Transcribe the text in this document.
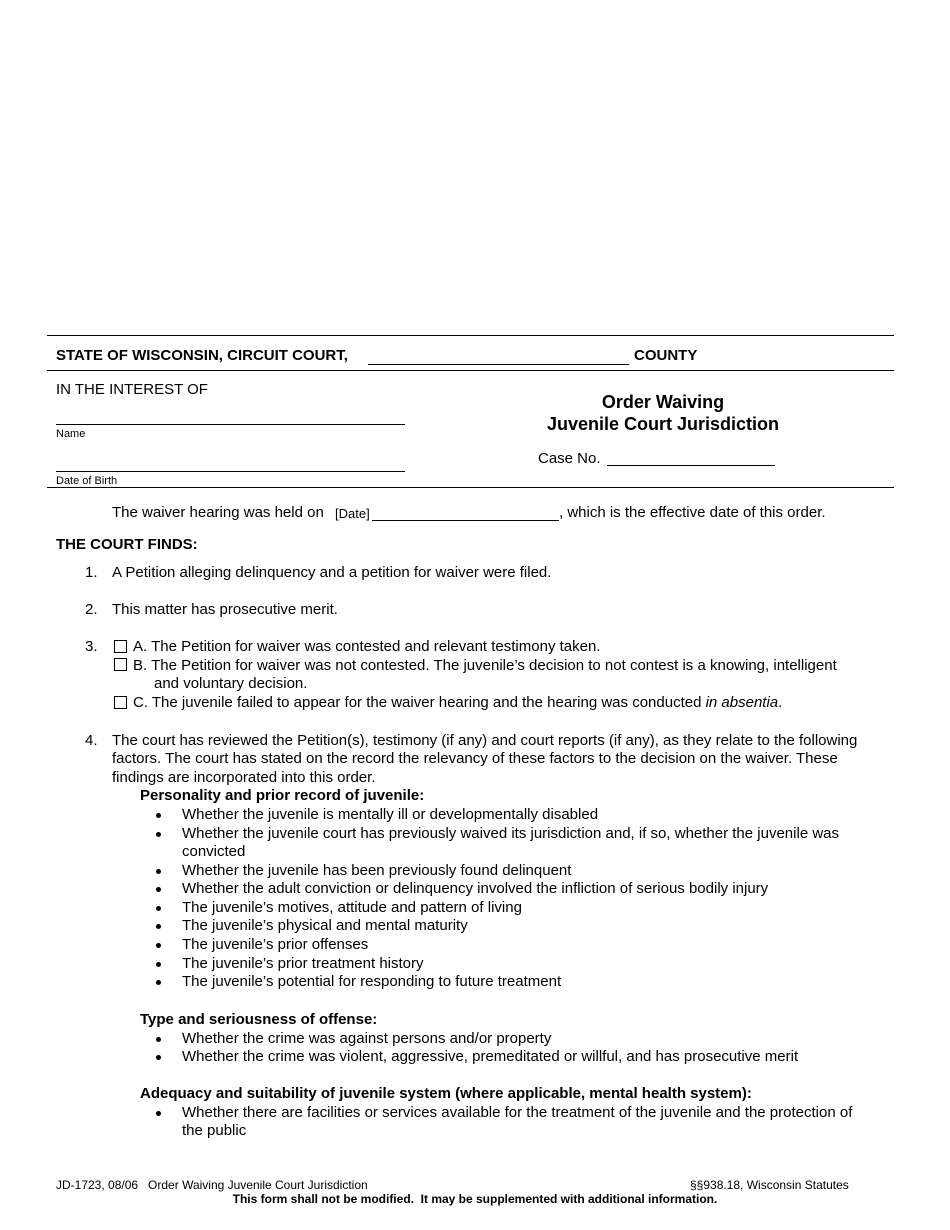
STATE OF WISCONSIN, CIRCUIT COURT,	COUNTY
IN THE INTEREST OF
Name
Date of Birth
Order Waiving
Juvenile Court Jurisdiction
Case No.
The waiver hearing was held on [Date]	, which is the effective date of this order.
THE COURT FINDS:
1. A Petition alleging delinquency and a petition for waiver were filed.
2. This matter has prosecutive merit.
3. A. The Petition for waiver was contested and relevant testimony taken.
B. The Petition for waiver was not contested. The juvenile’s decision to not contest is a knowing, intelligent
and voluntary decision.
C. The juvenile failed to appear for the waiver hearing and the hearing was conducted in absentia.
4. The court has reviewed the Petition(s), testimony (if any) and court reports (if any), as they relate to the following
factors. The court has stated on the record the relevancy of these factors to the decision on the waiver. These
findings are incorporated into this order.
Personality and prior record of juvenile:
Whether the juvenile is mentally ill or developmentally disabled
Whether the juvenile court has previously waived its jurisdiction and, if so, whether the juvenile was
convicted
Whether the juvenile has been previously found delinquent
Whether the adult conviction or delinquency involved the infliction of serious bodily injury
The juvenile’s motives, attitude and pattern of living
The juvenile’s physical and mental maturity
The juvenile’s prior offenses
The juvenile’s prior treatment history
The juvenile’s potential for responding to future treatment
Type and seriousness of offense:
Whether the crime was against persons and/or property
Whether the crime was violent, aggressive, premeditated or willful, and has prosecutive merit
Adequacy and suitability of juvenile system (where applicable, mental health system):
Whether there are facilities or services available for the treatment of the juvenile and the protection of
the public
JD-1723, 08/06   Order Waiving Juvenile Court Jurisdiction	§§938.18, Wisconsin Statutes
This form shall not be modified.  It may be supplemented with additional information.
